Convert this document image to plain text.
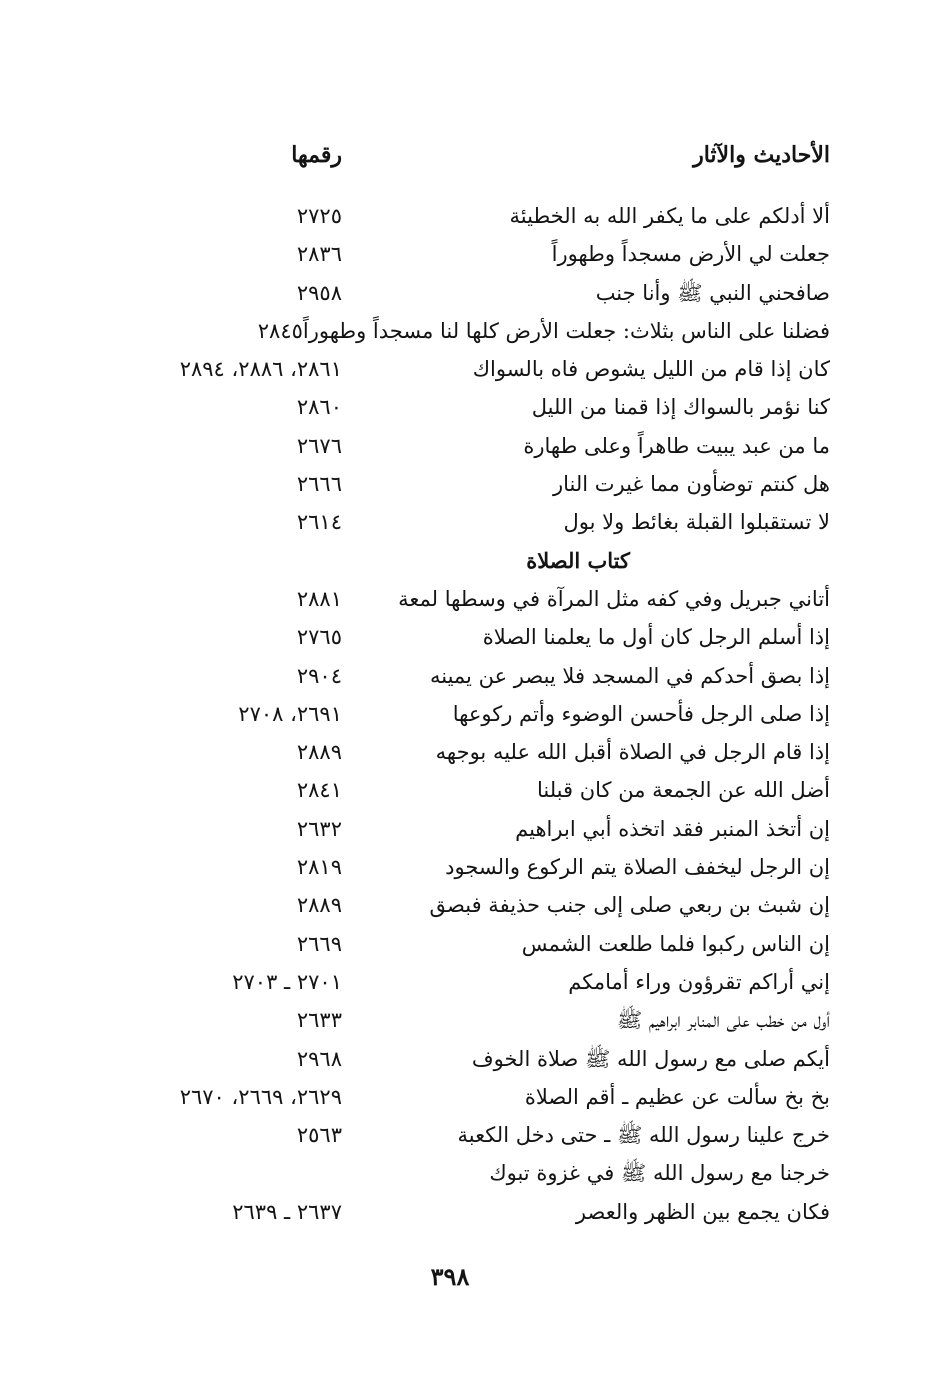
الأحاديث والآثار
رقمها
ألا أدلكم على ما يكفر الله به الخطيئة
٢٧٢٥
جعلت لي الأرض مسجداً وطهوراً
٢٨٣٦
صافحني النبي ﷺ وأنا جنب
٢٩٥٨
فضلنا على الناس بثلاث: جعلت الأرض كلها لنا مسجداً وطهوراً٢٨٤٥
كان إذا قام من الليل يشوص فاه بالسواك
٢٨٦١، ٢٨٨٦، ٢٨٩٤
كنا نؤمر بالسواك إذا قمنا من الليل
٢٨٦٠
ما من عبد يبيت طاهراً وعلى طهارة
٢٦٧٦
هل كنتم توضأون مما غيرت النار
٢٦٦٦
لا تستقبلوا القبلة بغائط ولا بول
٢٦١٤
كتاب الصلاة
أتاني جبريل وفي كفه مثل المرآة في وسطها لمعة
٢٨٨١
إذا أسلم الرجل كان أول ما يعلمنا الصلاة
٢٧٦٥
إذا بصق أحدكم في المسجد فلا يبصر عن يمينه
٢٩٠٤
إذا صلى الرجل فأحسن الوضوء وأتم ركوعها
٢٦٩١، ٢٧٠٨
إذا قام الرجل في الصلاة أقبل الله عليه بوجهه
٢٨٨٩
أضل الله عن الجمعة من كان قبلنا
٢٨٤١
إن أتخذ المنبر فقد اتخذه أبي ابراهيم
٢٦٣٢
إن الرجل ليخفف الصلاة يتم الركوع والسجود
٢٨١٩
إن شبث بن ربعي صلى إلى جنب حذيفة فبصق
٢٨٨٩
إن الناس ركبوا فلما طلعت الشمس
٢٦٦٩
إني أراكم تقرؤون وراء أمامكم
٢٧٠١ ـ ٢٧٠٣
أول من خطب على المنابر ابراهيم ﷺ
٢٦٣٣
أيكم صلى مع رسول الله ﷺ صلاة الخوف
٢٩٦٨
بخ بخ سألت عن عظيم ـ أقم الصلاة
٢٦٢٩، ٢٦٦٩، ٢٦٧٠
خرج علينا رسول الله ﷺ ـ حتى دخل الكعبة
٢٥٦٣
خرجنا مع رسول الله ﷺ في غزوة تبوك
فكان يجمع بين الظهر والعصر
٢٦٣٧ ـ ٢٦٣٩
٣٩٨
